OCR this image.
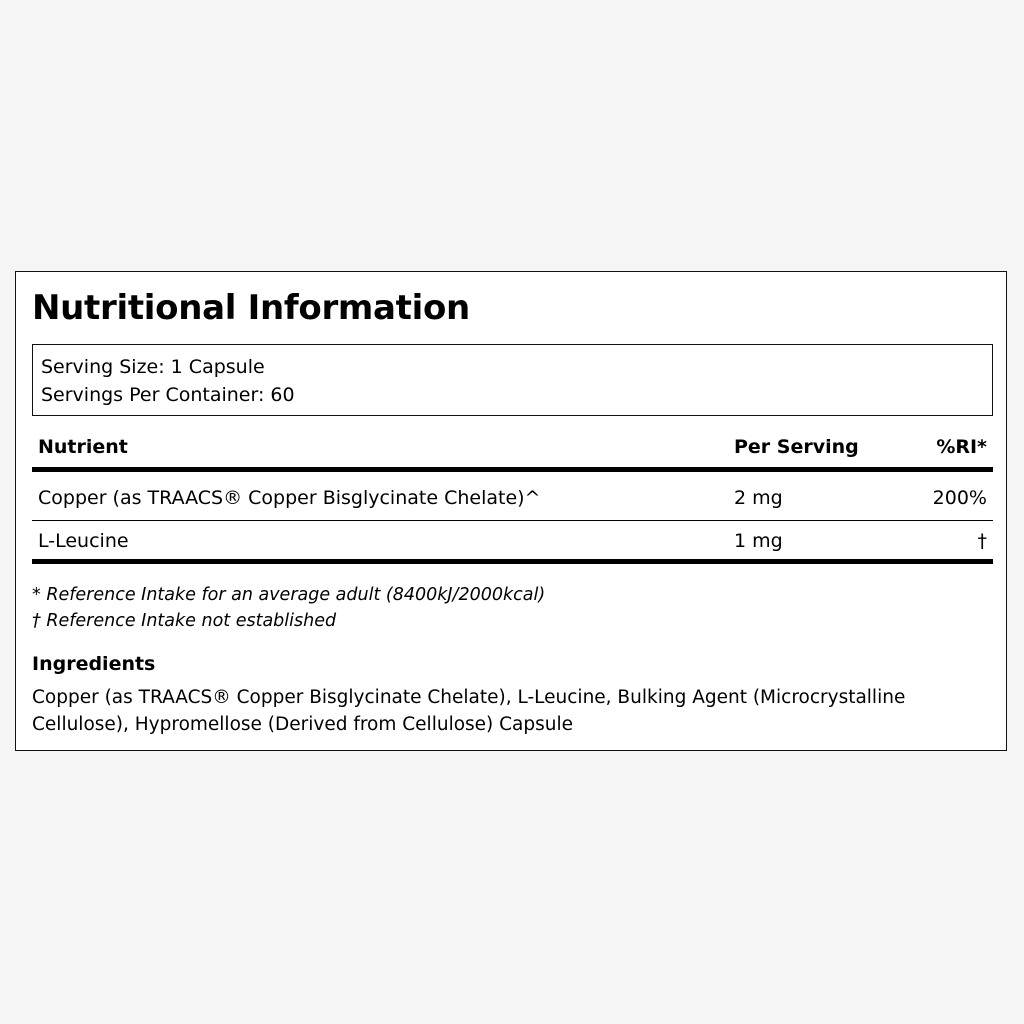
Nutritional Information
Serving Size: 1 Capsule
Servings Per Container: 60
Nutrient	Per Serving	%RI*
Copper (as TRAACS® Copper Bisglycinate Chelate)^	2 mg	200%
L-Leucine	1 mg	†
* Reference Intake for an average adult (8400kJ/2000kcal)
† Reference Intake not established
Ingredients

Copper (as TRAACS® Copper Bisglycinate Chelate), L-Leucine, Bulking Agent (Microcrystalline Cellulose), Hypromellose (Derived from Cellulose) Capsule
